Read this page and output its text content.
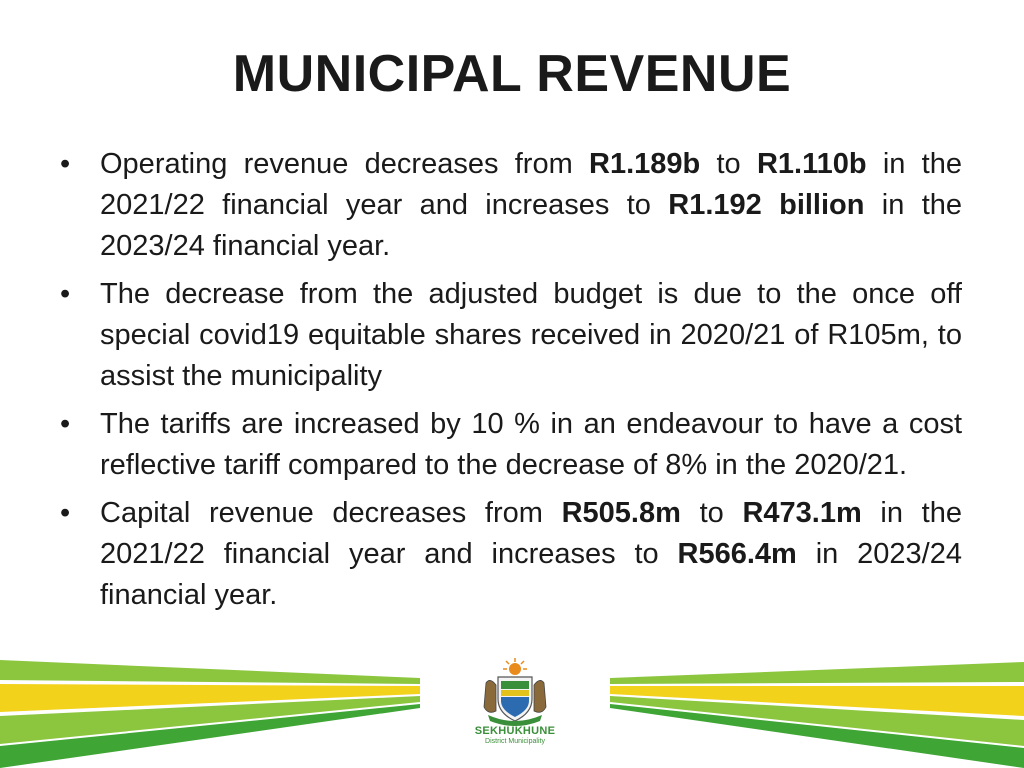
MUNICIPAL REVENUE
• Operating revenue decreases from R1.189b to R1.110b in the 2021/22 financial year and increases to R1.192 billion in the 2023/24 financial year.
• The decrease from the adjusted budget is due to the once off special covid19 equitable shares received in 2020/21 of R105m, to assist the municipality
• The tariffs are increased by 10 % in an endeavour to have a cost reflective tariff compared to the decrease of 8% in the 2020/21.
• Capital revenue decreases from R505.8m to R473.1m in the 2021/22 financial year and increases to R566.4m in 2023/24 financial year.
SEKHUKHUNE
District Municipality
